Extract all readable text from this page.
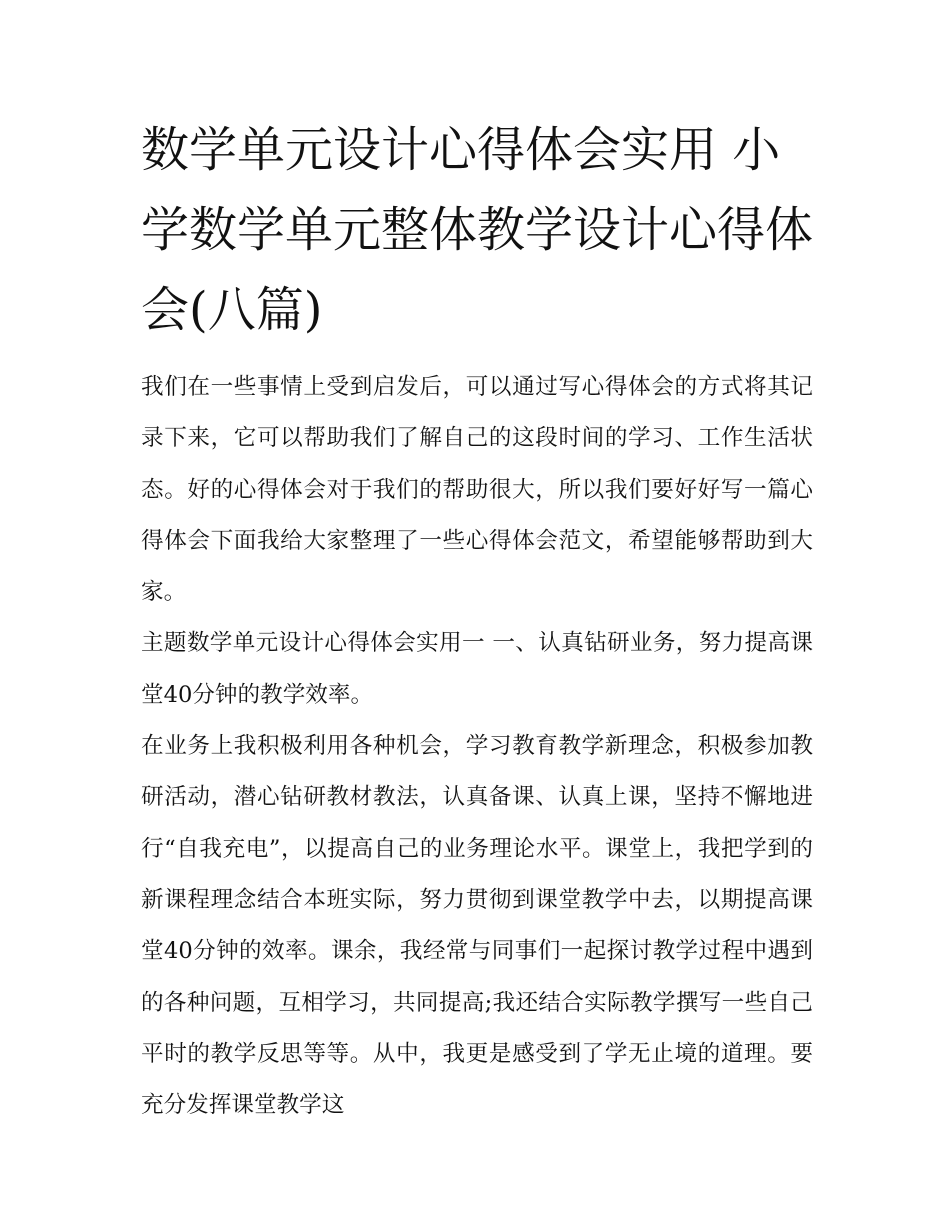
数学单元设计心得体会实用 小学数学单元整体教学设计心得体会(八篇)

我们在一些事情上受到启发后，可以通过写心得体会的方式将其记录下来，它可以帮助我们了解自己的这段时间的学习、工作生活状态。好的心得体会对于我们的帮助很大，所以我们要好好写一篇心得体会下面我给大家整理了一些心得体会范文，希望能够帮助到大家。

主题数学单元设计心得体会实用一 一、认真钻研业务，努力提高课堂40分钟的教学效率。

在业务上我积极利用各种机会，学习教育教学新理念，积极参加教研活动，潜心钻研教材教法，认真备课、认真上课，坚持不懈地进行“自我充电”，以提高自己的业务理论水平。课堂上，我把学到的新课程理念结合本班实际，努力贯彻到课堂教学中去，以期提高课堂40分钟的效率。课余，我经常与同事们一起探讨教学过程中遇到的各种问题，互相学习，共同提高;我还结合实际教学撰写一些自己平时的教学反思等等。从中，我更是感受到了学无止境的道理。要充分发挥课堂教学这
